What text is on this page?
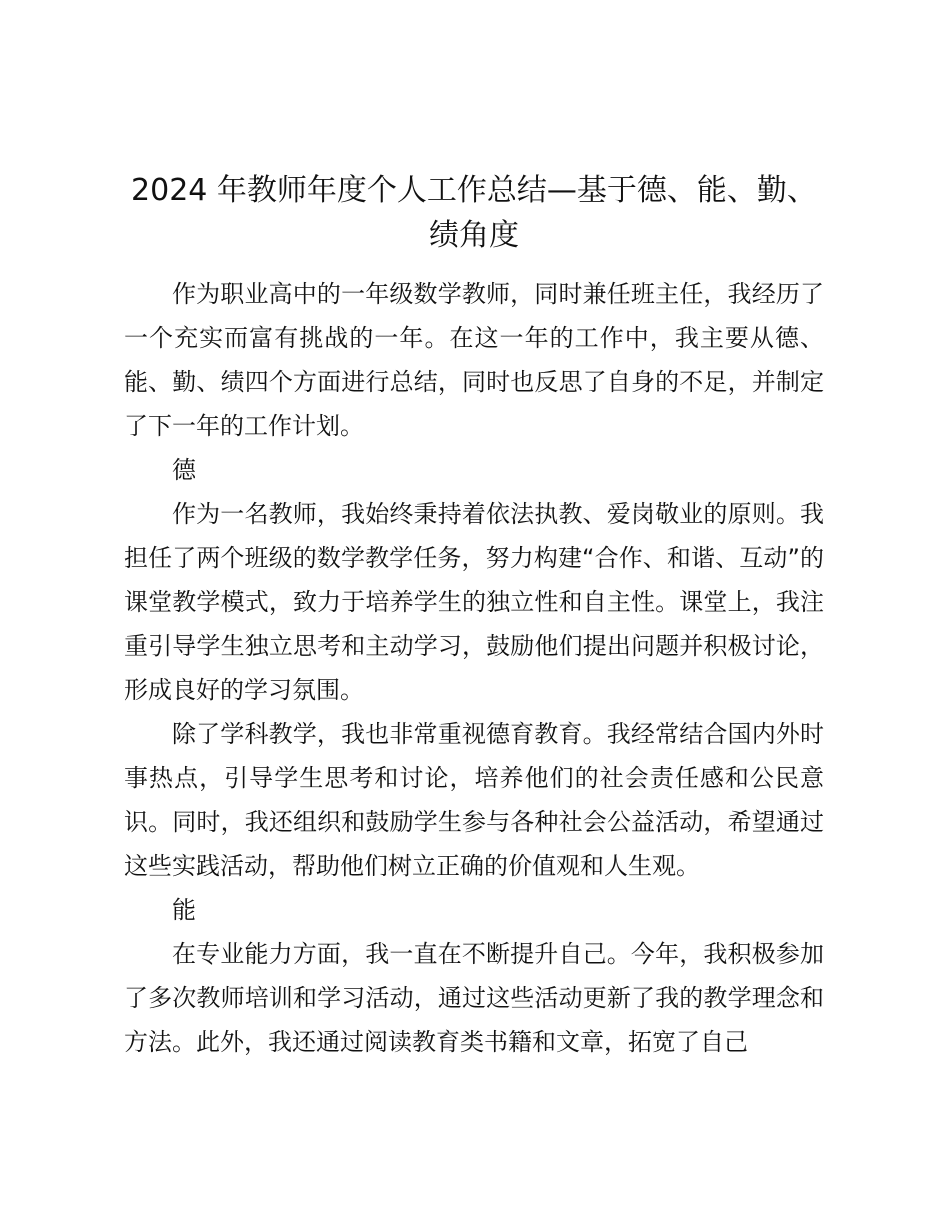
2024 年教师年度个人工作总结—基于德、能、勤、绩角度

作为职业高中的一年级数学教师，同时兼任班主任，我经历了一个充实而富有挑战的一年。在这一年的工作中，我主要从德、能、勤、绩四个方面进行总结，同时也反思了自身的不足，并制定了下一年的工作计划。

德

作为一名教师，我始终秉持着依法执教、爱岗敬业的原则。我担任了两个班级的数学教学任务，努力构建“合作、和谐、互动”的课堂教学模式，致力于培养学生的独立性和自主性。课堂上，我注重引导学生独立思考和主动学习，鼓励他们提出问题并积极讨论，形成良好的学习氛围。

除了学科教学，我也非常重视德育教育。我经常结合国内外时事热点，引导学生思考和讨论，培养他们的社会责任感和公民意识。同时，我还组织和鼓励学生参与各种社会公益活动，希望通过这些实践活动，帮助他们树立正确的价值观和人生观。

能

在专业能力方面，我一直在不断提升自己。今年，我积极参加了多次教师培训和学习活动，通过这些活动更新了我的教学理念和方法。此外，我还通过阅读教育类书籍和文章，拓宽了自己
